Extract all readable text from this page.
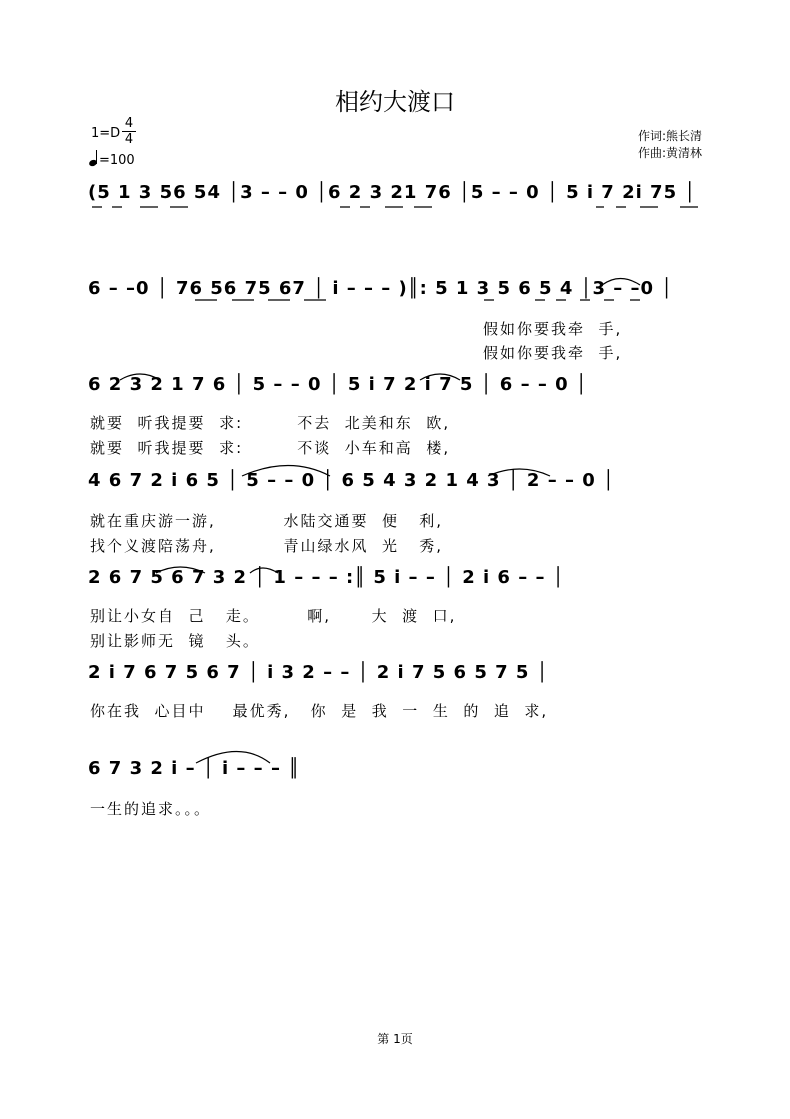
相约大渡口
1=D
4
4
=100
作词:熊长清
作曲:黄清林
(5 1 3 56 54 │3 – – 0 │6 2 3 21 76 │5 – – 0 │ 5 i 7 2i 75 │
6 – –0 │ 76 56 75 67 │ i – – – )║: 5 1 3 5 6 5 4 │3 – –0 │
假如你要我牵  手,
假如你要我牵  手,
6 2 3 2 1 7 6 │ 5 – – 0 │ 5 i 7 2 i 7 5 │ 6 – – 0 │
就要  听我提要  求:        不去  北美和东  欧,
就要  听我提要  求:        不谈  小车和高  楼,
4 6 7 2 i 6 5 │ 5 – – 0 │ 6 5 4 3 2 1 4 3 │ 2 – – 0 │
就在重庆游一游,          水陆交通要  便   利,
找个义渡陪荡舟,          青山绿水风  光   秀,
2 6 7 5 6 7 3 2 │ 1 – – – :║ 5 i – – │ 2 i 6 – – │
别让小女自  己   走。       啊,      大  渡  口,
别让影师无  镜   头。
2 i 7 6 7 5 6 7 │ i 3 2 – – │ 2 i 7 5 6 5 7 5 │
你在我  心目中    最优秀,   你  是  我  一  生  的  追  求,
6 7 3 2 i – │ i – – – ║
一生的追求。。。
第 1页
